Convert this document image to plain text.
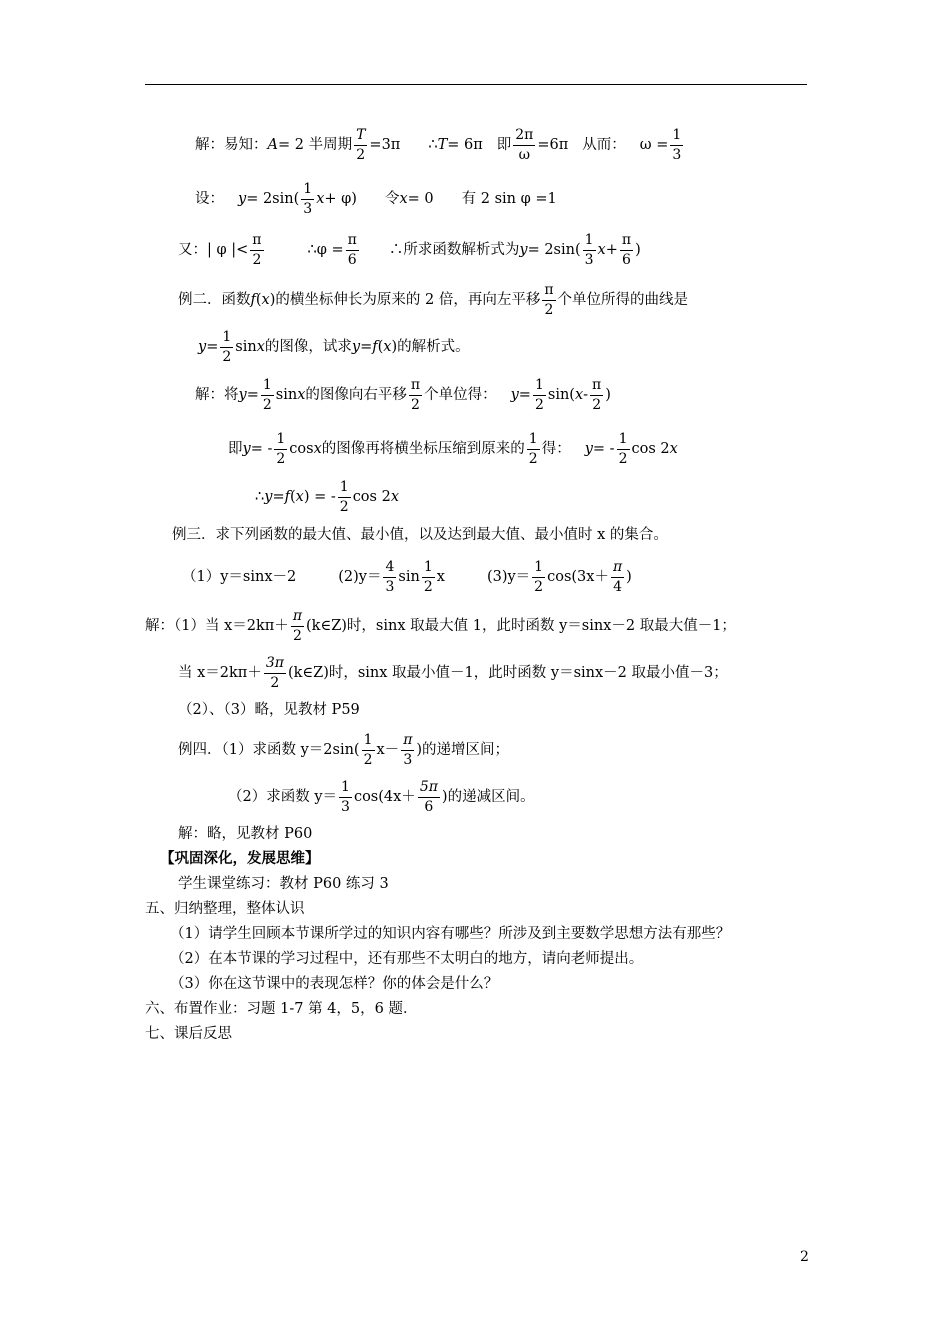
解：易知： A = 2 半周期 $\frac{T}{2} =3\pi$ ∴ T = 6π 即 $\frac{2\pi}{\omega} =6\pi$ 从而： $\omega = \frac{1}{3}$
设： $y = 2\sin( \frac{1}{3}$ x + φ) 令 x = 0 有 2 sin φ =1
又：| φ |< $\frac{\pi}{2}$	∴ $\varphi = \frac{\pi}{6}$ ∴所求函数解析式为 $y = 2\sin( \frac{1}{3}$ $x + \frac{\pi}{6}$ )
例二．函数 f ( x )的横坐标伸长为原来的 2 倍，再向左平移 $\frac{\pi}{2}$ 个单位所得的曲线是
$y = \frac{1}{2}$ sin x 的图像，试求 y = f ( x )的解析式。
解：将 $y = \frac{1}{2}$ sin x 的图像向右平移 $\frac{\pi}{2}$ 个单位得： $y = \frac{1}{2} \sin$( x - $\frac{\pi}{2}$ )
即 y = - $\frac{1}{2}$ cos x 的图像再将横坐标压缩到原来的 $\frac{1}{2}$ 得： y = - $\frac{1}{2}$ cos 2 x
∴ y = f ( x ) = - $\frac{1}{2}$ cos 2 x
例三．求下列函数的最大值、最小值，以及达到最大值、最小值时 x 的集合。
（1）y＝sinx－2	$(2)y= \frac{4}{3}$ $\sin \frac{1}{2}$ x	$(3)y= \frac{1}{2} \cos(3x+ \frac{\pi}{4}$ )
解：（1）当 $x=2k\pi+ \frac{\pi}{2}$ (k∈Z)时，sinx 取最大值 1，此时函数 y＝sinx－2 取最大值－1；
当 $x=2k\pi+ \frac{3\pi}{2}$ (k∈Z)时，sinx 取最小值－1，此时函数 y＝sinx－2 取最小值－3；
（2）、（3）略，见教材 P59
例四．（1）求函数 $y=2\sin( \frac{1}{2} x- \frac{\pi}{3}$ )的递增区间；
（2）求函数 $y= \frac{1}{3} \cos(4x+ \frac{5\pi}{6}$ )的递减区间。
解：略，见教材 P60
【巩固深化，发展思维】
学生课堂练习：教材 P60 练习 3
五、归纳整理，整体认识
（1）请学生回顾本节课所学过的知识内容有哪些？所涉及到主要数学思想方法有那些？
（2）在本节课的学习过程中，还有那些不太明白的地方，请向老师提出。
（3）你在这节课中的表现怎样？你的体会是什么？
六、布置作业：习题 1-7 第 4，5，6 题．
七、课后反思
2
